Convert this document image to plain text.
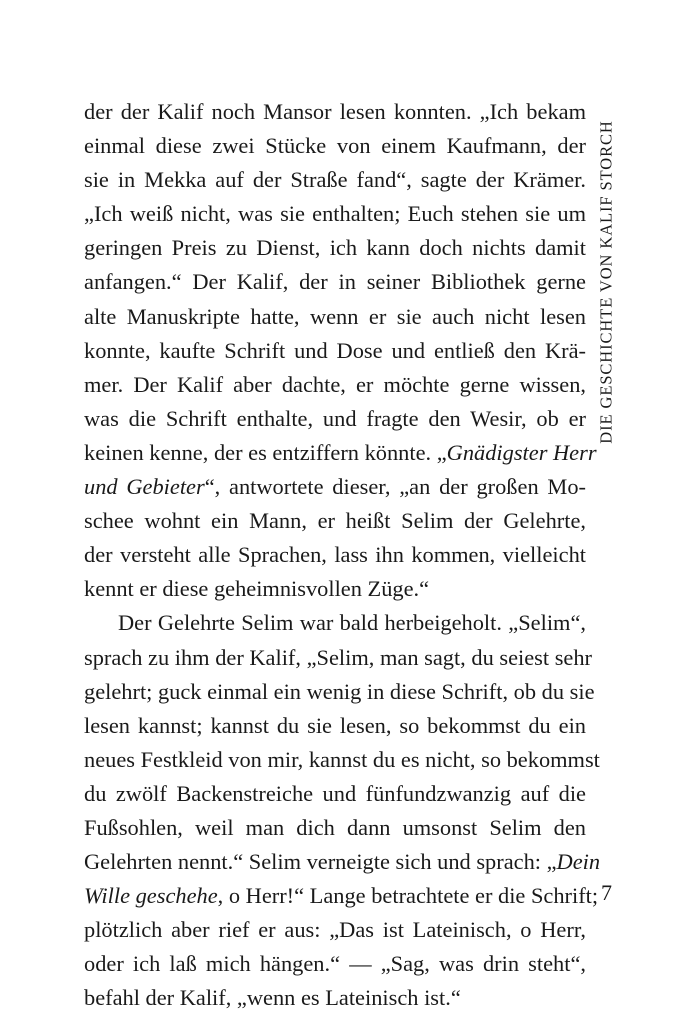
der der Kalif noch Mansor lesen konnten. „Ich bekam
einmal diese zwei Stücke von einem Kaufmann, der
sie in Mekka auf der Straße fand“, sagte der Krämer.
„Ich weiß nicht, was sie enthalten; Euch stehen sie um
geringen Preis zu Dienst, ich kann doch nichts damit
anfangen.“ Der Kalif, der in seiner Bibliothek gerne
alte Manuskripte hatte, wenn er sie auch nicht lesen
konnte, kaufte Schrift und Dose und entließ den Krä-
mer. Der Kalif aber dachte, er möchte gerne wissen,
was die Schrift enthalte, und fragte den Wesir, ob er
keinen kenne, der es entziffern könnte. „Gnädigster Herr
und Gebieter“, antwortete dieser, „an der großen Mo-
schee wohnt ein Mann, er heißt Selim der Gelehrte,
der versteht alle Sprachen, lass ihn kommen, vielleicht
kennt er diese geheimnisvollen Züge.“
Der Gelehrte Selim war bald herbeigeholt. „Selim“,
sprach zu ihm der Kalif, „Selim, man sagt, du seiest sehr
gelehrt; guck einmal ein wenig in diese Schrift, ob du sie
lesen kannst; kannst du sie lesen, so bekommst du ein
neues Festkleid von mir, kannst du es nicht, so bekommst
du zwölf Backenstreiche und fünfundzwanzig auf die
Fußsohlen, weil man dich dann umsonst Selim den
Gelehrten nennt.“ Selim verneigte sich und sprach: „Dein
Wille geschehe, o Herr!“ Lange betrachtete er die Schrift;
plötzlich aber rief er aus: „Das ist Lateinisch, o Herr,
oder ich laß mich hängen.“ — „Sag, was drin steht“,
befahl der Kalif, „wenn es Lateinisch ist.“
DIE GESCHICHTE VON KALIF STORCH
7
